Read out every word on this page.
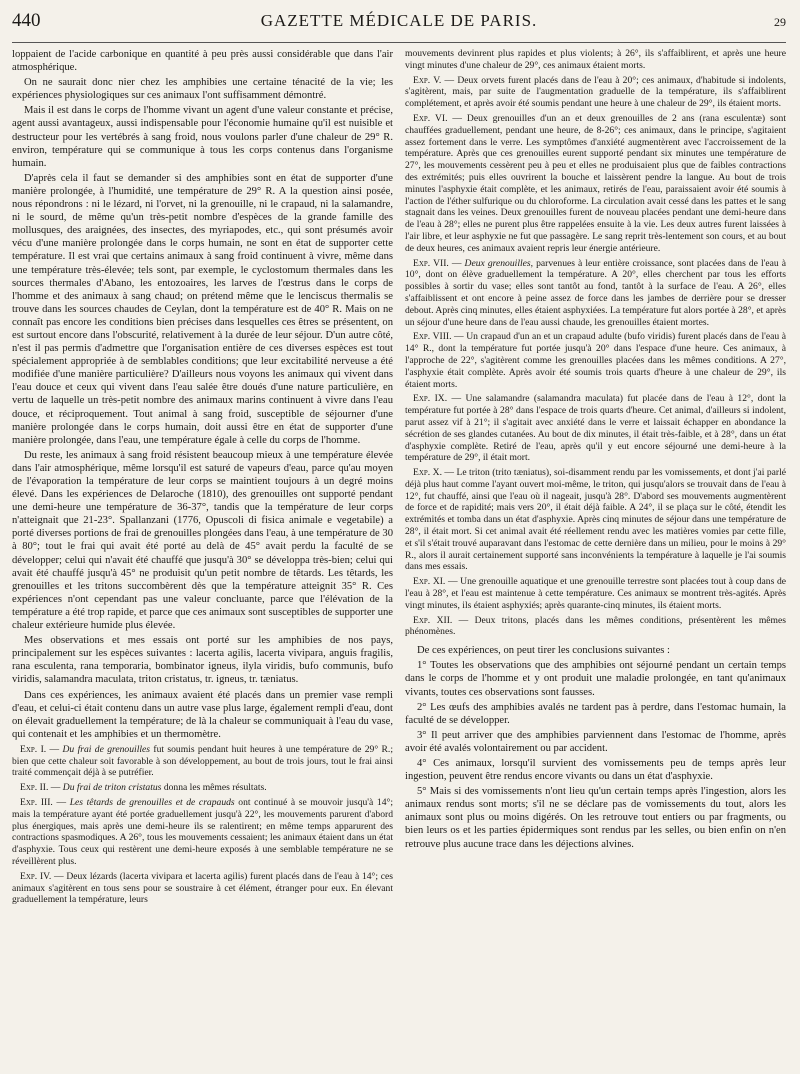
440	GAZETTE MÉDICALE DE PARIS.	29

loppaient de l'acide carbonique en quantité à peu près aussi considérable que dans l'air atmosphérique.

On ne saurait donc nier chez les amphibies une certaine ténacité de la vie; les expériences physiologiques sur ces animaux l'ont suffisamment démontré.

Mais il est dans le corps de l'homme vivant un agent d'une valeur constante et précise, agent aussi avantageux, aussi indispensable pour l'économie humaine qu'il est nuisible et destructeur pour les vertébrés à sang froid, nous voulons parler d'une chaleur de 29° R. environ, température qui se communique à tous les corps contenus dans l'organisme humain.

D'après cela il faut se demander si des amphibies sont en état de supporter d'une manière prolongée, à l'humidité, une température de 29° R. A la question ainsi posée, nous répondrons : ni le lézard, ni l'orvet, ni la grenouille, ni le crapaud, ni la salamandre, ni le sourd, de même qu'un très-petit nombre d'espèces de la grande famille des mollusques, des araignées, des insectes, des myriapodes, etc., qui sont présumés avoir vécu d'une manière prolongée dans le corps humain, ne sont en état de supporter cette température. Il est vrai que certains animaux à sang froid continuent à vivre, même dans une température très-élevée; tels sont, par exemple, le cyclostomum thermales dans les sources thermales d'Abano, les entozoaires, les larves de l'œstrus dans le corps de l'homme et des animaux à sang chaud; on prétend même que le lenciscus thermalis se trouve dans les sources chaudes de Ceylan, dont la température est de 40° R. Mais on ne connaît pas encore les conditions bien précises dans lesquelles ces êtres se présentent, on est surtout encore dans l'obscurité, relativement à la durée de leur séjour. D'un autre côté, n'est il pas permis d'admettre que l'organisation entière de ces diverses espèces est tout spécialement appropriée à de semblables conditions; que leur excitabilité nerveuse a été modifiée d'une manière particulière? D'ailleurs nous voyons les animaux qui vivent dans l'eau douce et ceux qui vivent dans l'eau salée être doués d'une nature particulière, en vertu de laquelle un très-petit nombre des animaux marins continuent à vivre dans l'eau douce, et réciproquement. Tout animal à sang froid, susceptible de séjourner d'une manière prolongée dans le corps humain, doit aussi être en état de supporter d'une manière prolongée, dans l'eau, une température égale à celle du corps de l'homme.

Du reste, les animaux à sang froid résistent beaucoup mieux à une température élevée dans l'air atmosphérique, même lorsqu'il est saturé de vapeurs d'eau, parce qu'au moyen de l'évaporation la température de leur corps se maintient toujours à un degré moins élevé. Dans les expériences de Delaroche (1810), des grenouilles ont supporté pendant une demi-heure une température de 36-37°, tandis que la température de leur corps n'atteignait que 21-23°. Spallanzani (1776, Opuscoli di fisica animale e vegetabile) a porté diverses portions de frai de grenouilles plongées dans l'eau, à une température de 30 à 80°; tout le frai qui avait été porté au delà de 45° avait perdu la faculté de se développer; celui qui n'avait été chauffé que jusqu'à 30° se développa très-bien; celui qui avait été chauffé jusqu'à 45° ne produisit qu'un petit nombre de têtards. Les têtards, les grenouilles et les tritons succombèrent dès que la température atteignit 35° R. Ces expériences n'ont cependant pas une valeur concluante, parce que l'élévation de la température a été trop rapide, et parce que ces animaux sont susceptibles de supporter une chaleur extérieure humide plus élevée.

Mes observations et mes essais ont porté sur les amphibies de nos pays, principalement sur les espèces suivantes : lacerta agilis, lacerta vivipara, anguis fragilis, rana esculenta, rana temporaria, bombinator igneus, ilyla viridis, bufo communis, bufo viridis, salamandra maculata, triton cristatus, tr. igneus, tr. tæniatus.

Dans ces expériences, les animaux avaient été placés dans un premier vase rempli d'eau, et celui-ci était contenu dans un autre vase plus large, également rempli d'eau, dont on élevait graduellement la température; de là la chaleur se communiquait à l'eau du vase, qui contenait et les amphibies et un thermomètre.

Exp. I. — Du frai de grenouilles fut soumis pendant huit heures à une température de 29° R.; bien que cette chaleur soit favorable à son développement, au bout de trois jours, tout le frai ainsi traité commençait déjà à se putréfier.

Exp. II. — Du frai de triton cristatus donna les mêmes résultats.

Exp. III. — Les têtards de grenouilles et de crapauds ont continué à se mouvoir jusqu'à 14°; mais la température ayant été portée graduellement jusqu'à 22°, les mouvements parurent d'abord plus énergiques, mais après une demi-heure ils se ralentirent; en même temps apparurent des contractions spasmodiques. A 26°, tous les mouvements cessaient; les animaux étaient dans un état d'asphyxie. Tous ceux qui restèrent une demi-heure exposés à une semblable température ne se réveillèrent plus.

Exp. IV. — Deux lézards (lacerta vivipara et lacerta agilis) furent placés dans de l'eau à 14°; ces animaux s'agitèrent en tous sens pour se soustraire à cet élément, étranger pour eux. En élevant graduellement la température, leurs

mouvements devinrent plus rapides et plus violents; à 26°, ils s'affaiblirent, et après une heure vingt minutes d'une chaleur de 29°, ces animaux étaient morts.

Exp. V. — Deux orvets furent placés dans de l'eau à 20°; ces animaux, d'habitude si indolents, s'agitèrent, mais, par suite de l'augmentation graduelle de la température, ils s'affaiblirent complétement, et après avoir été soumis pendant une heure à une chaleur de 29°, ils étaient morts.

Exp. VI. — Deux grenouilles d'un an et deux grenouilles de 2 ans (rana esculentæ) sont chauffées graduellement, pendant une heure, de 8-26°; ces animaux, dans le principe, s'agitaient assez fortement dans le verre. Les symptômes d'anxiété augmentèrent avec l'accroissement de la température. Après que ces grenouilles eurent supporté pendant six minutes une température de 27°, les mouvements cessèrent peu à peu et elles ne produisaient plus que de faibles contractions des extrémités; puis elles ouvrirent la bouche et laissèrent pendre la langue. Au bout de trois minutes l'asphyxie était complète, et les animaux, retirés de l'eau, paraissaient avoir été soumis à l'action de l'éther sulfurique ou du chloroforme. La circulation avait cessé dans les pattes et le sang stagnait dans les veines. Deux grenouilles furent de nouveau placées pendant une demi-heure dans de l'eau à 28°; elles ne purent plus être rappelées ensuite à la vie. Les deux autres furent laissées à l'air libre, et leur asphyxie ne fut que passagère. Le sang reprit très-lentement son cours, et au bout de deux heures, ces animaux avaient repris leur énergie antérieure.

Exp. VII. — Deux grenouilles, parvenues à leur entière croissance, sont placées dans de l'eau à 10°, dont on élève graduellement la température. A 20°, elles cherchent par tous les efforts possibles à sortir du vase; elles sont tantôt au fond, tantôt à la surface de l'eau. A 26°, elles s'affaiblissent et ont encore à peine assez de force dans les jambes de derrière pour se dresser debout. Après cinq minutes, elles étaient asphyxiées. La température fut alors portée à 28°, et après un séjour d'une heure dans de l'eau aussi chaude, les grenouilles étaient mortes.

Exp. VIII. — Un crapaud d'un an et un crapaud adulte (bufo viridis) furent placés dans de l'eau à 14° R., dont la température fut portée jusqu'à 20° dans l'espace d'une heure. Ces animaux, à l'approche de 22°, s'agitèrent comme les grenouilles placées dans les mêmes conditions. A 27°, l'asphyxie était complète. Après avoir été soumis trois quarts d'heure à une chaleur de 29°, ils étaient morts.

Exp. IX. — Une salamandre (salamandra maculata) fut placée dans de l'eau à 12°, dont la température fut portée à 28° dans l'espace de trois quarts d'heure. Cet animal, d'ailleurs si indolent, parut assez vif à 21°; il s'agitait avec anxiété dans le verre et laissait échapper en abondance la sécrétion de ses glandes cutanées. Au bout de dix minutes, il était très-faible, et à 28°, dans un état d'asphyxie complète. Retiré de l'eau, après qu'il y eut encore séjourné une demi-heure à la température de 29°, il était mort.

Exp. X. — Le triton (trito tæniatus), soi-disamment rendu par les vomissements, et dont j'ai parlé déjà plus haut comme l'ayant ouvert moi-même, le triton, qui jusqu'alors se trouvait dans de l'eau à 12°, fut chauffé, ainsi que l'eau où il nageait, jusqu'à 28°. D'abord ses mouvements augmentèrent de force et de rapidité; mais vers 20°, il était déjà faible. A 24°, il se plaça sur le côté, étendit les extrémités et tomba dans un état d'asphyxie. Après cinq minutes de séjour dans une température de 28°, il était mort. Si cet animal avait été réellement rendu avec les matières vomies par cette fille, et s'il s'était trouvé auparavant dans l'estomac de cette dernière dans un milieu, pour le moins à 29° R., alors il aurait certainement supporté sans inconvénients la température à laquelle je l'ai soumis dans mes essais.

Exp. XI. — Une grenouille aquatique et une grenouille terrestre sont placées tout à coup dans de l'eau à 28°, et l'eau est maintenue à cette température. Ces animaux se montrent très-agités. Après vingt minutes, ils étaient asphyxiés; après quarante-cinq minutes, ils étaient morts.

Exp. XII. — Deux tritons, placés dans les mêmes conditions, présentèrent les mêmes phénomènes.

De ces expériences, on peut tirer les conclusions suivantes :

1° Toutes les observations que des amphibies ont séjourné pendant un certain temps dans le corps de l'homme et y ont produit une maladie prolongée, en tant qu'animaux vivants, toutes ces observations sont fausses.

2° Les œufs des amphibies avalés ne tardent pas à perdre, dans l'estomac humain, la faculté de se développer.

3° Il peut arriver que des amphibies parviennent dans l'estomac de l'homme, après avoir été avalés volontairement ou par accident.

4° Ces animaux, lorsqu'il survient des vomissements peu de temps après leur ingestion, peuvent être rendus encore vivants ou dans un état d'asphyxie.

5° Mais si des vomissements n'ont lieu qu'un certain temps après l'ingestion, alors les animaux rendus sont morts; s'il ne se déclare pas de vomissements du tout, alors les animaux sont plus ou moins digérés. On les retrouve tout entiers ou par fragments, ou bien leurs os et les parties épidermiques sont rendus par les selles, ou bien enfin on n'en retrouve plus aucune trace dans les déjections alvines.
